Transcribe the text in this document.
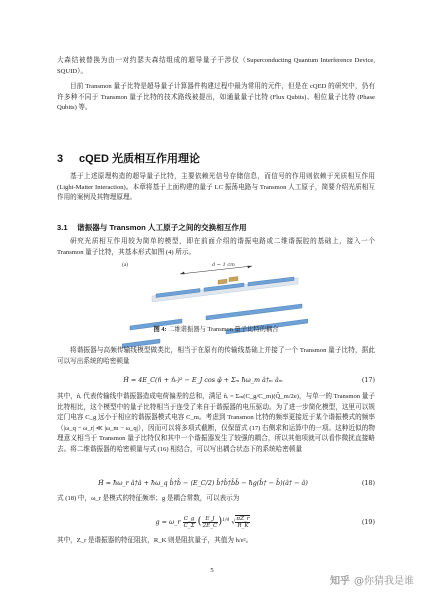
大森结被替换为由一对约瑟夫森结组成的超导量子干涉仪（Superconducting Quantum Interference Device, SQUID）。

目前 Transmon 量子比特是超导量子计算器件构建过程中最为常用的元件，但是在 cQED 的研究中，仍有许多种不同于 Transmon 量子比特的技术路线被提出，如通量量子比特 (Flux Qubits)、相位量子比特 (Phase Qubits) 等。

3 cQED 光质相互作用理论

基于上述原理构造的超导量子比特，主要依赖光信号存储信息，而信号的作用则依赖于光质相互作用 (Light-Matter Interaction)。本章将基于上面构建的量子 LC 振荡电路与 Transmon 人工原子，简要介绍光质相互作用的案例及其物理原理。

3.1 谐振器与 Transmon 人工原子之间的交换相互作用

研究光质相互作用较为简单的模型，即在前面介绍的谐振电路或二维谐振腔的基础上，接入一个 Transmon 量子比特，其基本形式如图 (4) 所示。

(a)	d ~ 1 cm
图 4: 二维谐振器与 Transmon 量子比特的耦合

将谐振器与高频传输线模型做类比，相当于在原有的传输线基础上并接了一个 Transmon 量子比特，据此可以写出系统的哈密顿量

Ĥ = 4E_C(n̂ + n̂ᵣ)² − E_J cos φ̂ + Σₘ ħω_m â†ₘ âₘ	(17)

其中，n̂ᵣ 代表传输线中谐振器造成电荷偏差的总和，满足 n̂ᵣ = Σₘ(C_g/C_m)(Q̂_m/2e)，与单一的 Transmon 量子比特相比，这个模型中的量子比特相当于连受了来自于谐振器的电压驱动。为了进一步简化模型，这里可以规定门电容 C_g 远小于相应的谐振器模式电容 C_m。考虑到 Transmon 比特的频率更接近于某个谐振模式的频率（|ω_q − ω_r| ≪ |ω_m − ω_q|），因而可以将多项式截断，仅保留式 (17) 右侧求和运算中的一项。这种近似的物理意义相当于 Transmon 量子比特仅和其中一个谐振器发生了较强的耦合，所以其他项就可以看作微扰直接略去。将二维谐振器的哈密顿量与式 (16) 相结合，可以写出耦合状态下的系统哈密顿量

Ĥ ≈ ħω_r â†â + ħω_q b̂†b̂ − (E_C/2) b̂†b̂†b̂b̂ − ħg(b̂† − b̂)(â† − â)	(18)

式 (18) 中，ω_r 是模式的特征频率；g 是耦合常数，可以表示为

g = ω_r $\frac{C\_g}{C\_\Sigma}$ ( $\frac{E\_J}{2E\_C} )^{1/4}$ √ $\frac{\pi Z\_r}{R\_K}$	(19)

其中，Z_r 是谐振器的特征阻抗，R_K 则是阻抗量子，其值为 h/e²。

5
知乎 @你猜我是谁
